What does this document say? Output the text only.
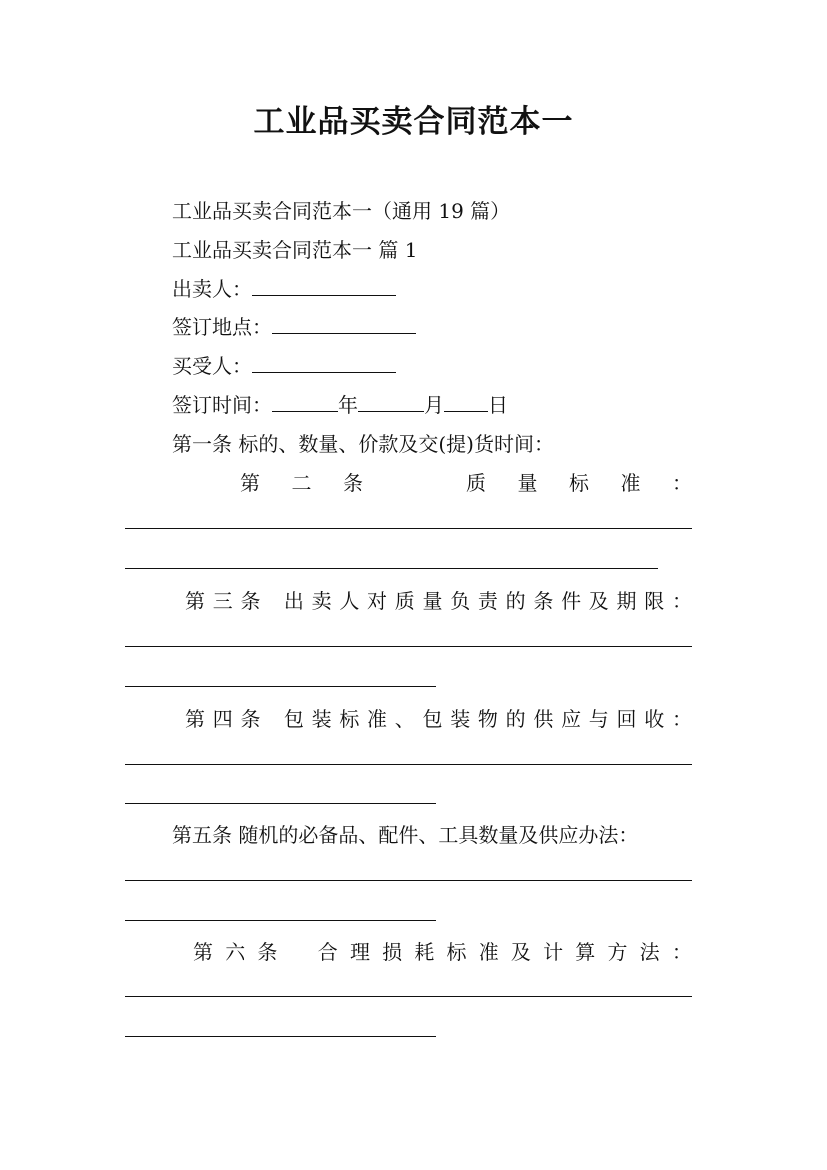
工业品买卖合同范本一
工业品买卖合同范本一（通用 19 篇）
工业品买卖合同范本一 篇 1
出卖人：
签订地点：
买受人：
签订时间：	年	月 日
第一条 标的、数量、价款及交(提)货时间：
第 二 条	质 量 标 准 ：
第 三 条 出 卖 人 对 质 量 负 责 的 条 件 及 期 限 ：
第 四 条 包 装 标 准 、 包 装 物 的 供 应 与 回 收 ：
第五条 随机的必备品、配件、工具数量及供应办法：
第 六 条 合 理 损 耗 标 准 及 计 算 方 法 ：
